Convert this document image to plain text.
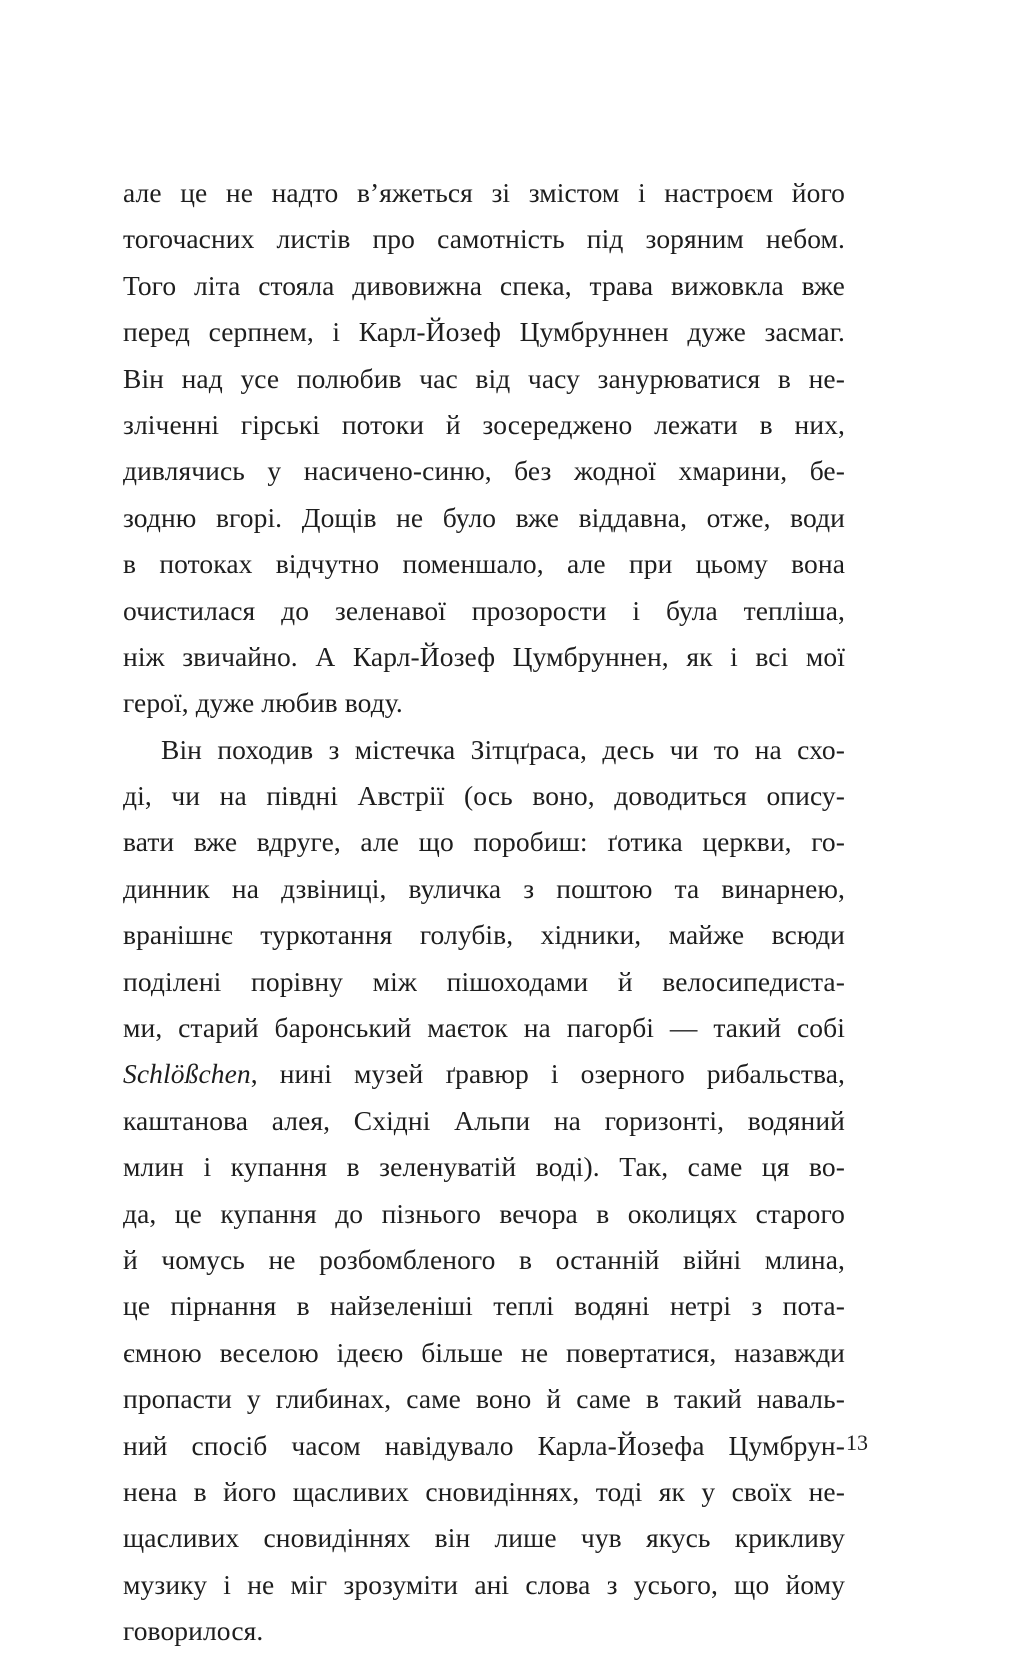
але це не надто в’яжеться зі змістом і настроєм його
тогочасних листів про самотність під зоряним небом.
Того літа стояла дивовижна спека, трава вижовкла вже
перед серпнем, і Карл-Йозеф Цумбруннен дуже засмаг.
Він над усе полюбив час від часу занурюватися в не-
зліченні гірські потоки й зосереджено лежати в них,
дивлячись у насичено-синю, без жодної хмарини, бе-
зодню вгорі. Дощів не було вже віддавна, отже, води
в потоках відчутно поменшало, але при цьому вона
очистилася до зеленавої прозорости і була тепліша,
ніж звичайно. А Карл-Йозеф Цумбруннен, як і всі мої
герої, дуже любив воду.
Він походив з містечка Зітцґраса, десь чи то на схо-
ді, чи на півдні Австрії (ось воно, доводиться опису-
вати вже вдруге, але що поробиш: ґотика церкви, го-
динник на дзвіниці, вуличка з поштою та винарнею,
вранішнє туркотання голубів, хідники, майже всюди
поділені порівну між пішоходами й велосипедиста-
ми, старий баронський маєток на пагорбі — такий собі
Schlößchen, нині музей ґравюр і озерного рибальства,
каштанова алея, Східні Альпи на горизонті, водяний
млин і купання в зеленуватій воді). Так, саме ця во-
да, це купання до пізнього вечора в околицях старого
й чомусь не розбомбленого в останній війні млина,
це пірнання в найзеленіші теплі водяні нетрі з пота-
ємною веселою ідеєю більше не повертатися, назавжди
пропасти у глибинах, саме воно й саме в такий наваль-
ний спосіб часом навідувало Карла-Йозефа Цумбрун-
нена в його щасливих сновидіннях, тоді як у своїх не-
щасливих сновидіннях він лише чув якусь крикливу
музику і не міг зрозуміти ані слова з усього, що йому
говорилося.
13
